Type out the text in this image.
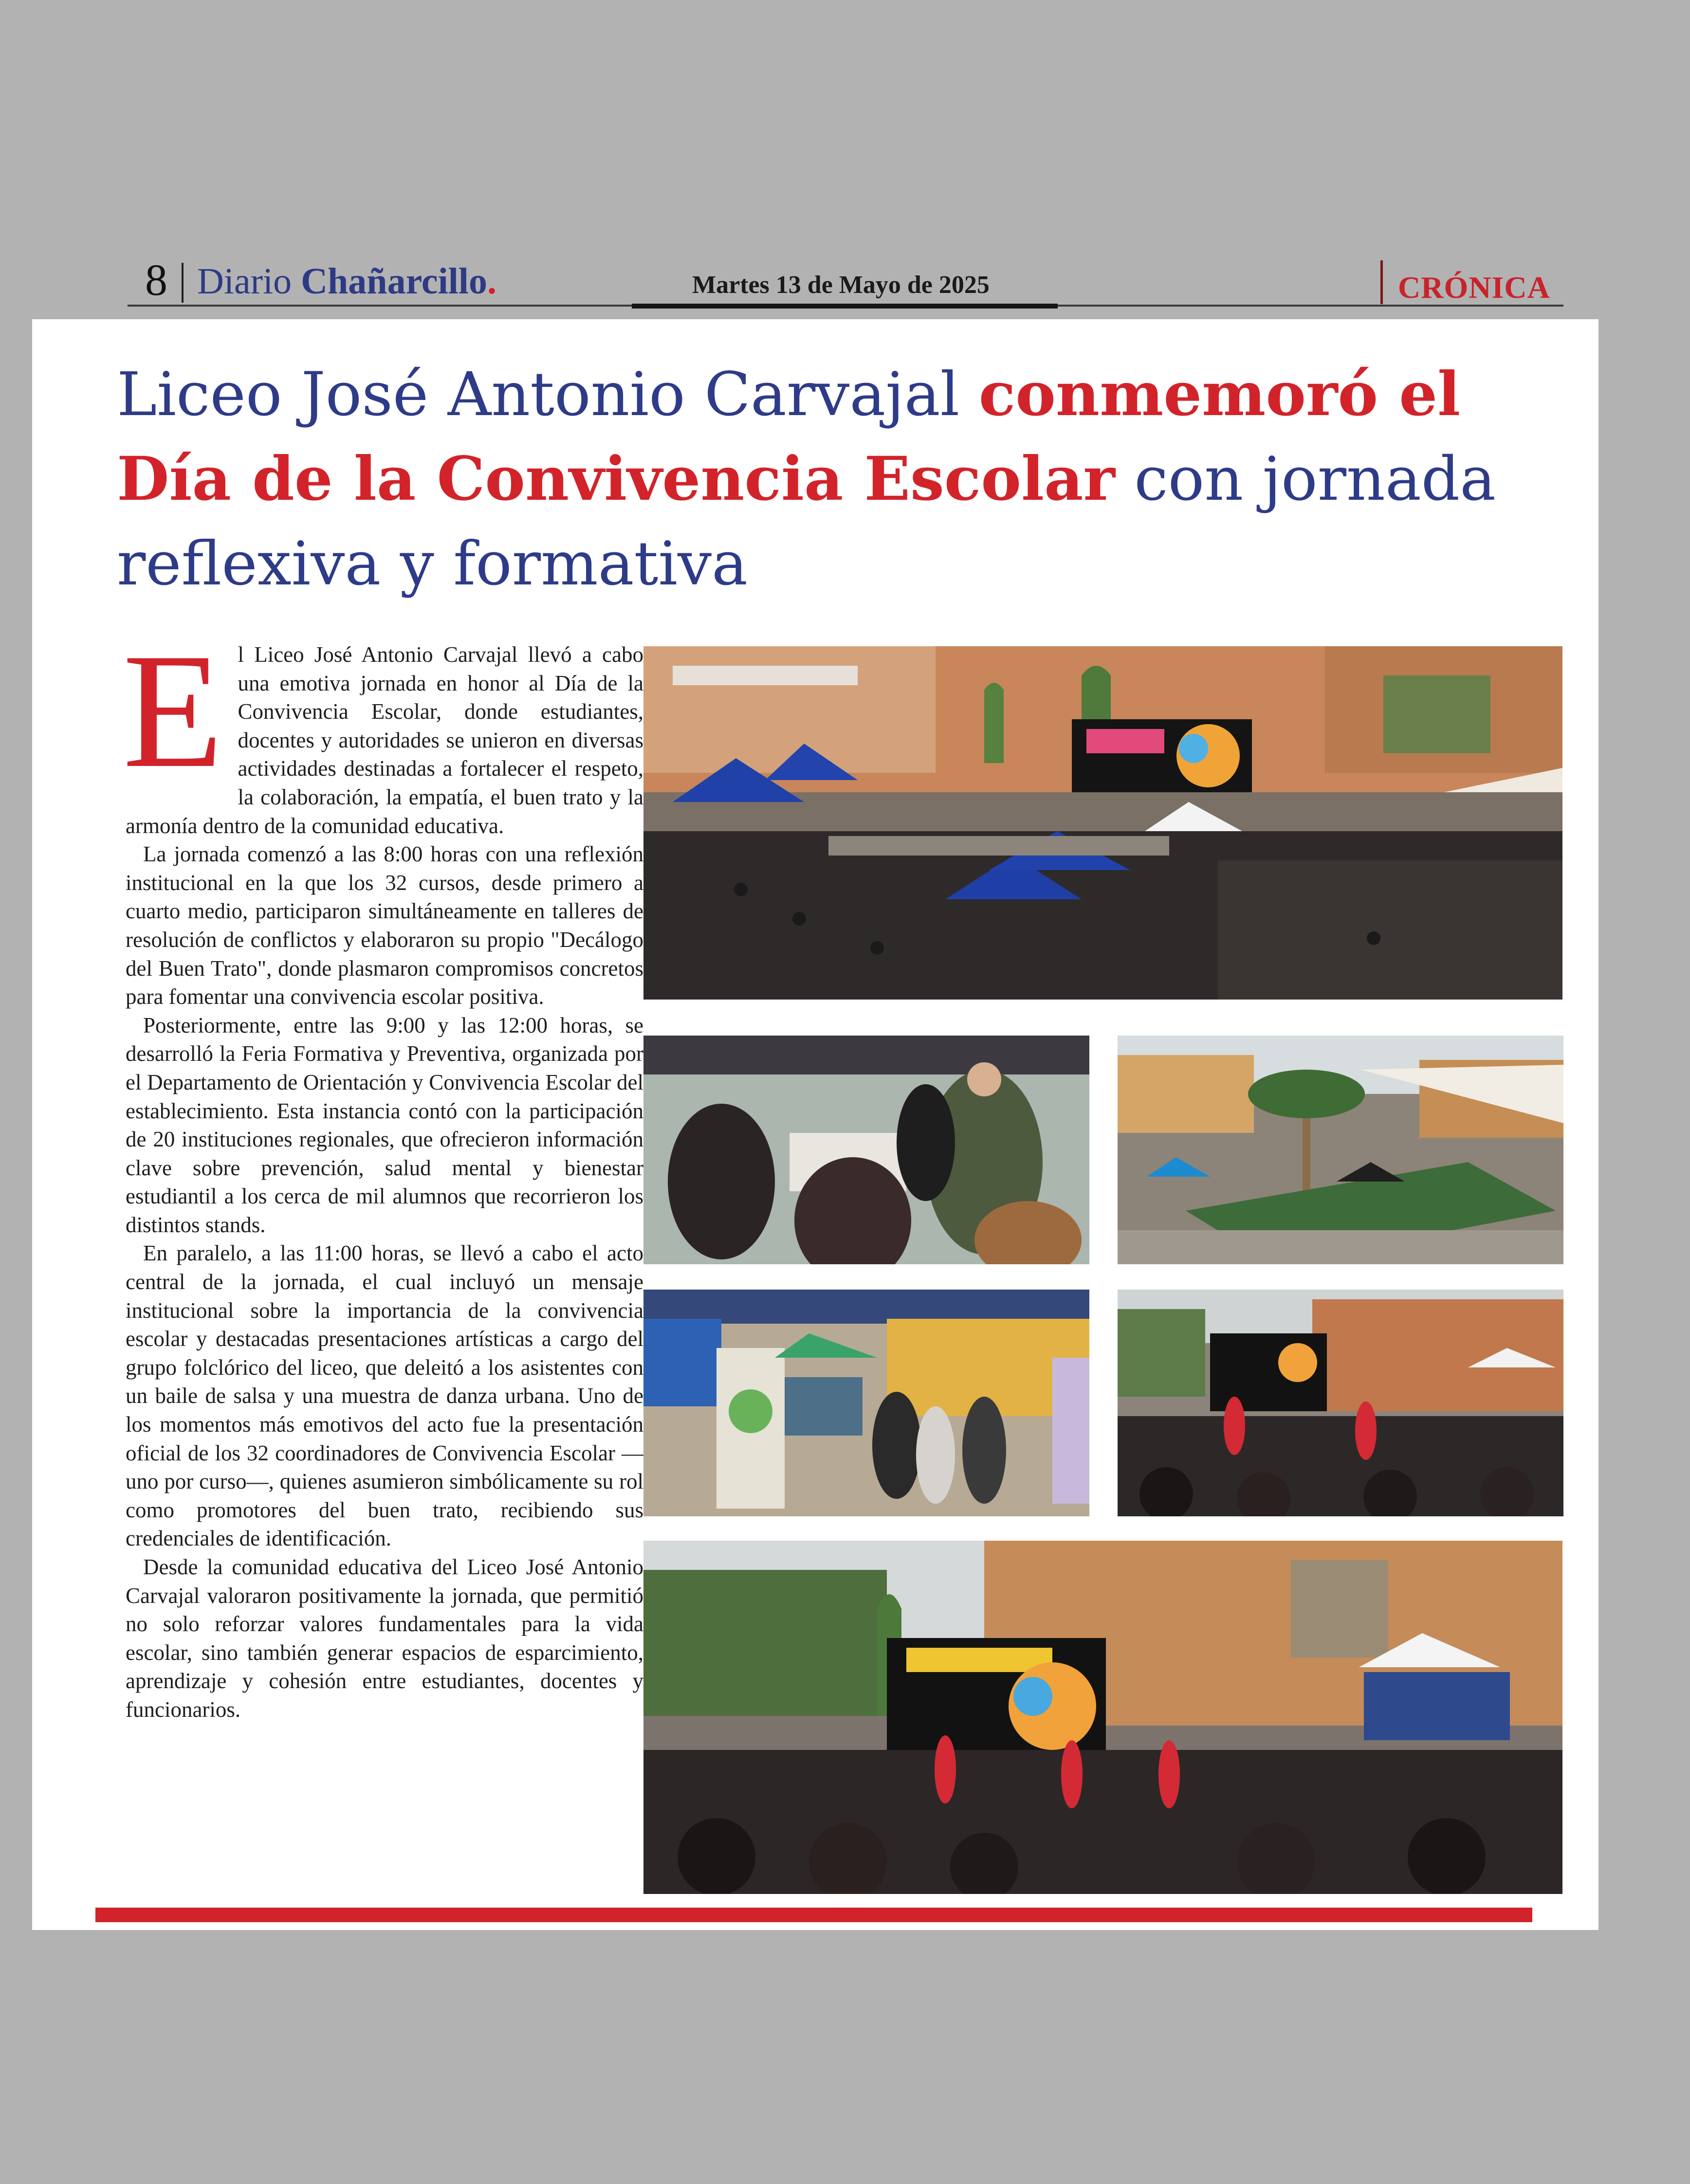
8 Diario Chañarcillo.	Martes 13 de Mayo de 2025	CRÓNICA
Liceo José Antonio Carvajal conmemoró el Día de la Convivencia Escolar con jornada reflexiva y formativa

El Liceo José Antonio Carvajal llevó a cabo una emotiva jornada en honor al Día de la Convivencia Escolar, donde estudiantes, docentes y autoridades se unieron en diversas actividades destinadas a fortalecer el respeto, la colaboración, la empatía, el buen trato y la armonía dentro de la comunidad educativa.

La jornada comenzó a las 8:00 horas con una reflexión institucional en la que los 32 cursos, desde primero a cuarto medio, participaron simultáneamente en talleres de resolución de conflictos y elaboraron su propio "Decálogo del Buen Trato", donde plasmaron compromisos concretos para fomentar una convivencia escolar positiva.

Posteriormente, entre las 9:00 y las 12:00 horas, se desarrolló la Feria Formativa y Preventiva, organizada por el Departamento de Orientación y Convivencia Escolar del establecimiento. Esta instancia contó con la participación de 20 instituciones regionales, que ofrecieron información clave sobre prevención, salud mental y bienestar estudiantil a los cerca de mil alumnos que recorrieron los distintos stands.

En paralelo, a las 11:00 horas, se llevó a cabo el acto central de la jornada, el cual incluyó un mensaje institucional sobre la importancia de la convivencia escolar y destacadas presentaciones artísticas a cargo del grupo folclórico del liceo, que deleitó a los asistentes con un baile de salsa y una muestra de danza urbana. Uno de los momentos más emotivos del acto fue la presentación oficial de los 32 coordinadores de Convivencia Escolar —uno por curso—, quienes asumieron simbólicamente su rol como promotores del buen trato, recibiendo sus credenciales de identificación.

Desde la comunidad educativa del Liceo José Antonio Carvajal valoraron positivamente la jornada, que permitió no solo reforzar valores fundamentales para la vida escolar, sino también generar espacios de esparcimiento, aprendizaje y cohesión entre estudiantes, docentes y funcionarios.
